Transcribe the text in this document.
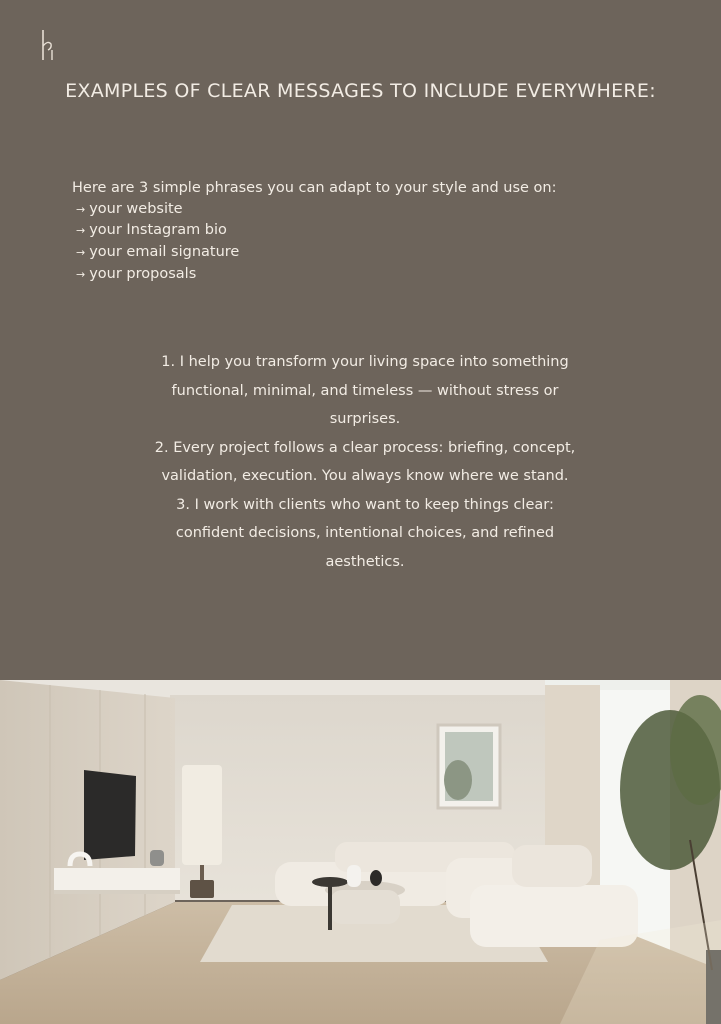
EXAMPLES OF CLEAR MESSAGES TO INCLUDE EVERYWHERE:

Here are 3 simple phrases you can adapt to your style and use on:

→ your website
→ your Instagram bio
→ your email signature
→ your proposals

1. I help you transform your living space into something functional, minimal, and timeless — without stress or surprises.

2. Every project follows a clear process: briefing, concept, validation, execution. You always know where we stand.

3. I work with clients who want to keep things clear: confident decisions, intentional choices, and refined aesthetics.
